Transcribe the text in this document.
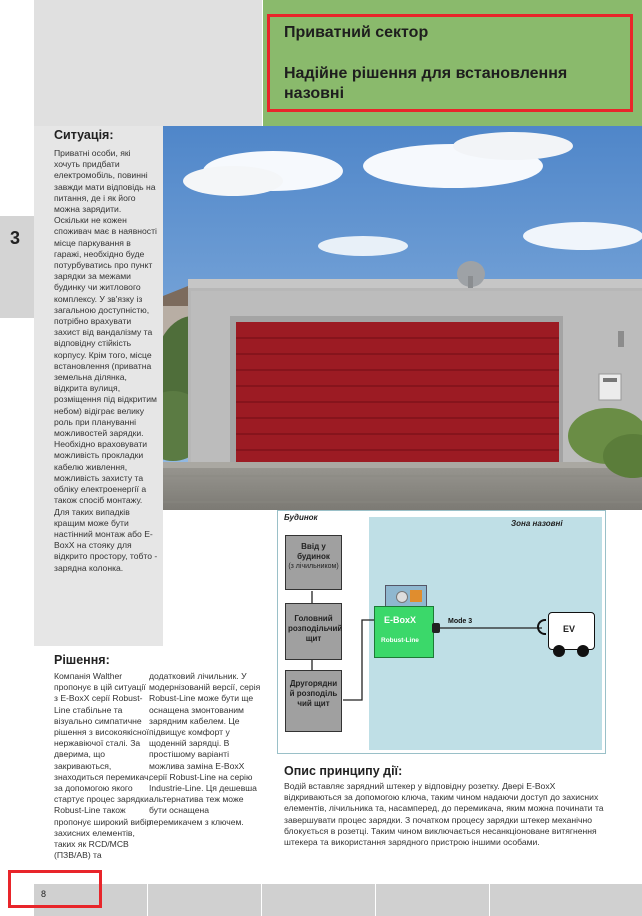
Приватний сектор
Надійне рішення для встановлення назовні
3
Ситуація:
Приватні особи, які хочуть придбати електромобіль, повинні завжди мати відповідь на питання, де і як його можна зарядити. Оскільки не кожен споживач має в наявності місце паркування в гаражі, необхідно буде потурбуватись про пункт зарядки за межами будинку чи житлового комплексу. У зв'язку із загальною доступністю, потрібно врахувати захист від вандалізму та відповідну стійкість корпусу. Крім того, місце встановлення (приватна земельна ділянка, відкрита вулиця, розміщення під відкритим небом) відіграє велику роль при плануванні можливостей зарядки. Необхідно враховувати можливість прокладки кабелю живлення, можливість захисту та обліку електроенергії а також спосіб монтажу. Для таких випадків кращим може бути настінний монтаж або E-BoxX на стояку для відкрито простору, тобто - зарядна колонка.
Будинок
Зона назовні
Ввід у будинок
(з лічильником)
Головний розподільчий щит
Другорядний розподільчий щит
E-BoxX
Robust-Line
Mode 3
EV
Рішення:
Компанія Walther пропонує в цій ситуації з E-BoxX серії Robust-Line стабільне та візуально симпатичне рішення з високоякісної нержавіючої сталі. За дверима, що закриваються, знаходиться перемикач, за допомогою якого стартує процес зарядки. Robust-Line також пропонує широкий вибір захисних елементів, таких як RCD/MCB (ПЗВ/АВ) та
додатковий лічильник. У модернізованій версії, серія Robust-Line може бути ще оснащена змонтованим зарядним кабелем. Це підвищує комфорт у щоденній зарядці. В простішому варіанті можлива заміна E-BoxX серії Robust-Line на серію Industrie-Line. Ця дешевша альтернатива теж може бути оснащена перемикачем з ключем.
Опис принципу дії:
Водій вставляє зарядний штекер у відповідну розетку. Двері E-BoxX відкриваються за допомогою ключа, таким чином надаючи доступ до захисних елементів, лічильника та, насамперед, до перемикача, яким можна починати та завершувати процес зарядки. З початком процесу зарядки штекер механічно блокується в розетці. Таким чином виключається несанкціоноване витягнення штекера та використання зарядного пристрою іншими особами.
8
